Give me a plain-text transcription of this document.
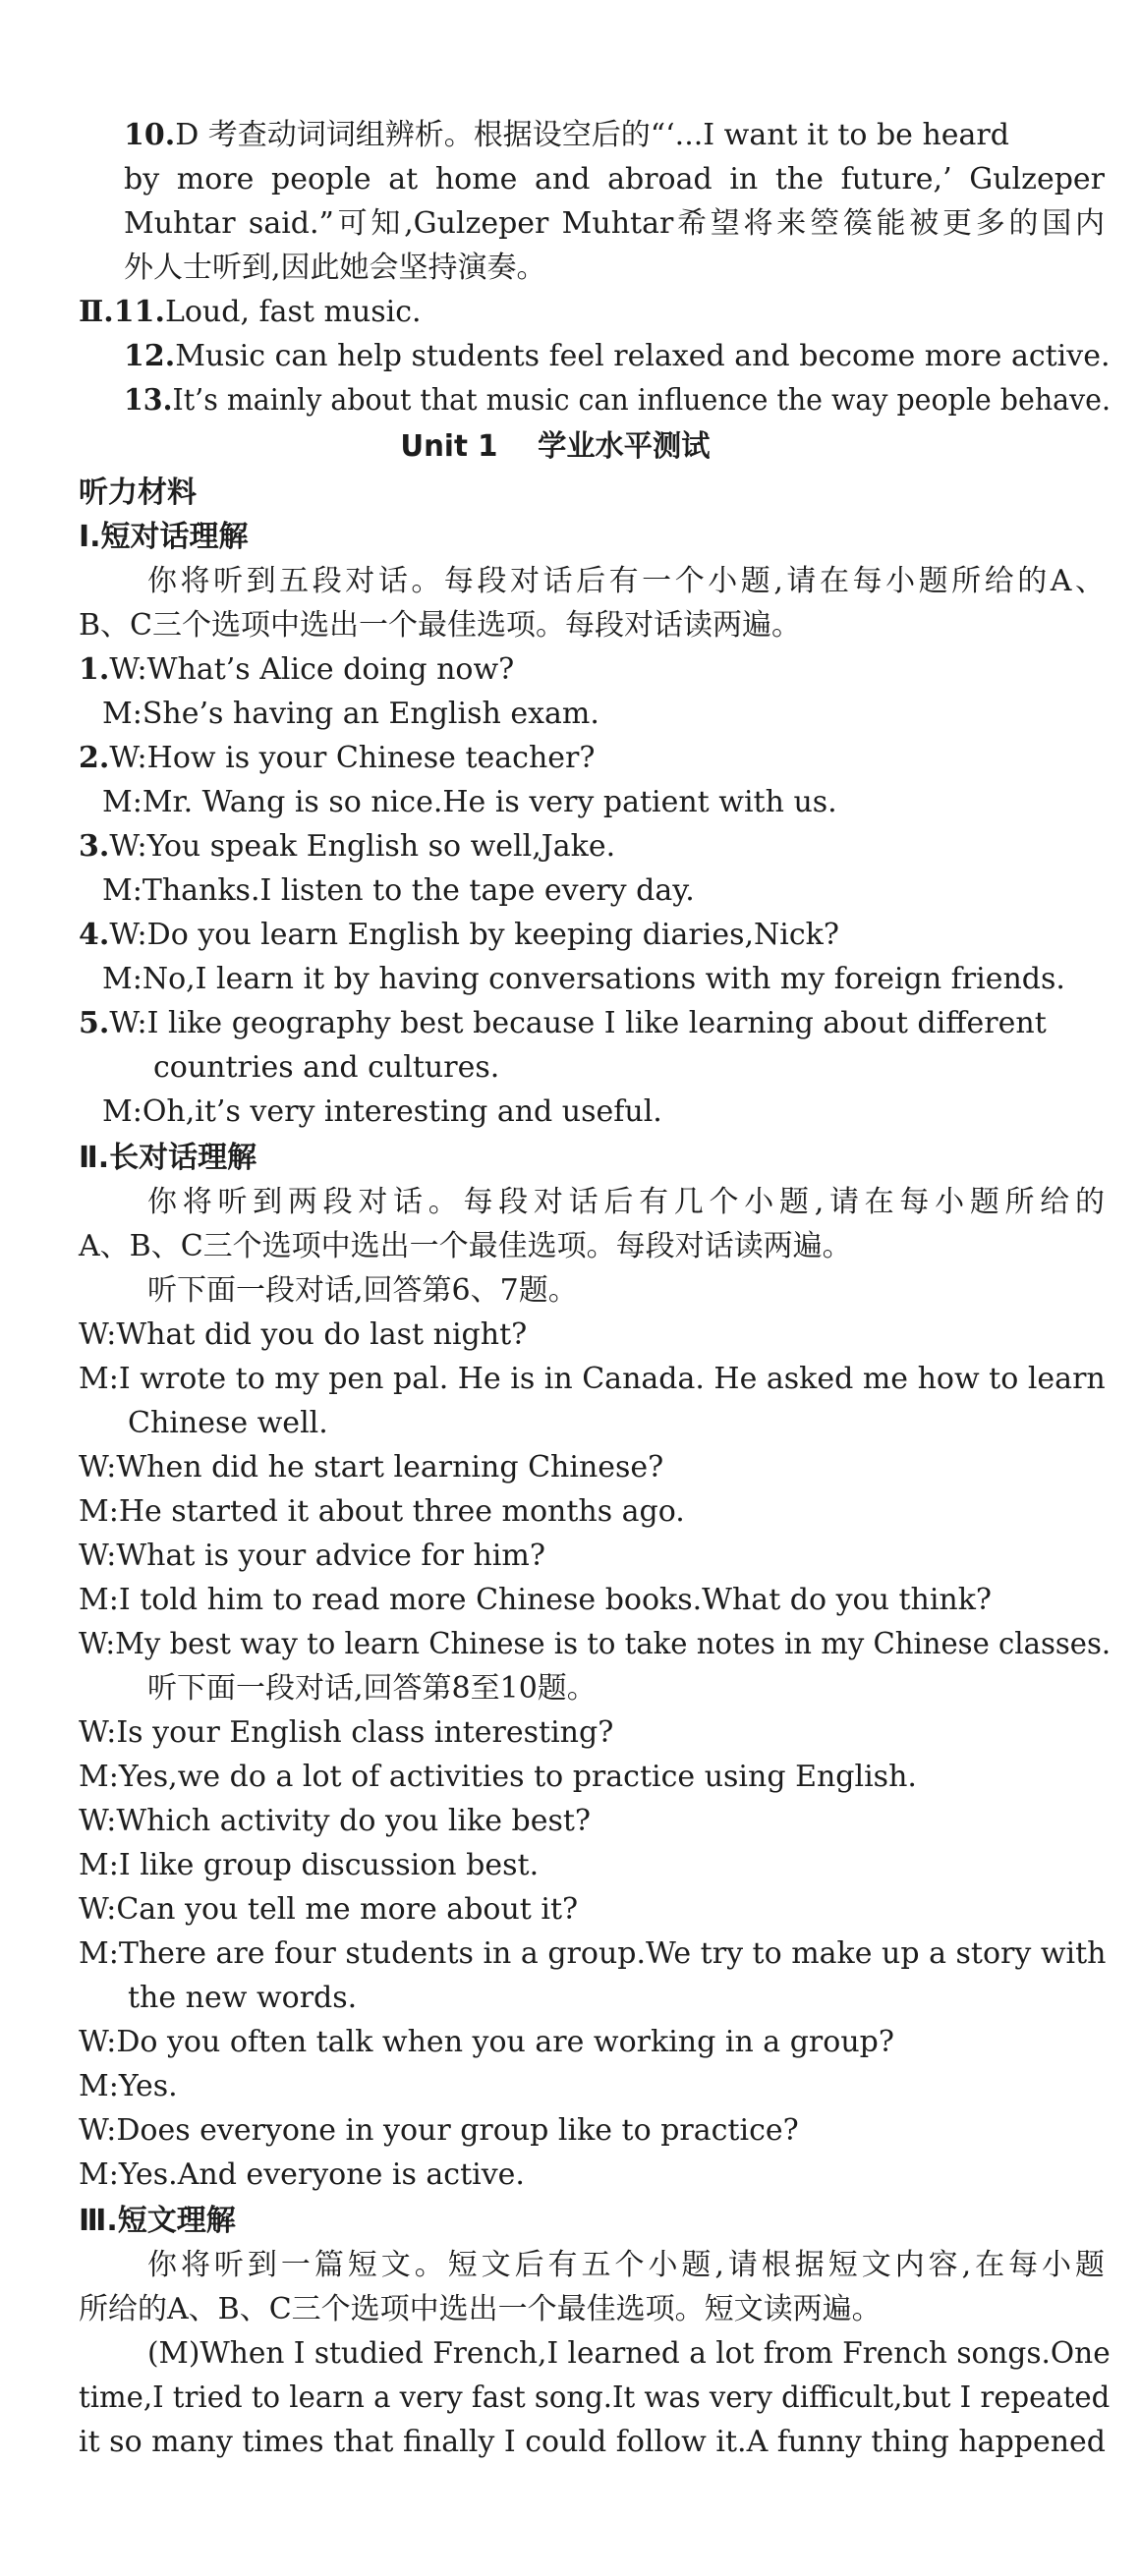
10.D 考查动词词组辨析。根据设空后的“‘...I want it to be heard
by more people at home and abroad in the future,’ Gulzeper
Muhtar said.”可知,Gulzeper Muhtar希望将来箜篌能被更多的国内
外人士听到,因此她会坚持演奏。
Ⅱ.11.Loud, fast music.
12.Music can help students feel relaxed and become more active.
13.It’s mainly about that music can influence the way people behave.
Unit 1    学业水平测试
听力材料
Ⅰ.短对话理解
你将听到五段对话。每段对话后有一个小题,请在每小题所给的A、
B、C三个选项中选出一个最佳选项。每段对话读两遍。
1.W:What’s Alice doing now?
M:She’s having an English exam.
2.W:How is your Chinese teacher?
M:Mr. Wang is so nice.He is very patient with us.
3.W:You speak English so well,Jake.
M:Thanks.I listen to the tape every day.
4.W:Do you learn English by keeping diaries,Nick?
M:No,I learn it by having conversations with my foreign friends.
5.W:I like geography best because I like learning about different
countries and cultures.
M:Oh,it’s very interesting and useful.
Ⅱ.长对话理解
你将听到两段对话。每段对话后有几个小题,请在每小题所给的
A、B、C三个选项中选出一个最佳选项。每段对话读两遍。
听下面一段对话,回答第6、7题。
W:What did you do last night?
M:I wrote to my pen pal. He is in Canada. He asked me how to learn
Chinese well.
W:When did he start learning Chinese?
M:He started it about three months ago.
W:What is your advice for him?
M:I told him to read more Chinese books.What do you think?
W:My best way to learn Chinese is to take notes in my Chinese classes.
听下面一段对话,回答第8至10题。
W:Is your English class interesting?
M:Yes,we do a lot of activities to practice using English.
W:Which activity do you like best?
M:I like group discussion best.
W:Can you tell me more about it?
M:There are four students in a group.We try to make up a story with
the new words.
W:Do you often talk when you are working in a group?
M:Yes.
W:Does everyone in your group like to practice?
M:Yes.And everyone is active.
Ⅲ.短文理解
你将听到一篇短文。短文后有五个小题,请根据短文内容,在每小题
所给的A、B、C三个选项中选出一个最佳选项。短文读两遍。
(M)When I studied French,I learned a lot from French songs.One
time,I tried to learn a very fast song.It was very difficult,but I repeated
it so many times that finally I could follow it.A funny thing happened
